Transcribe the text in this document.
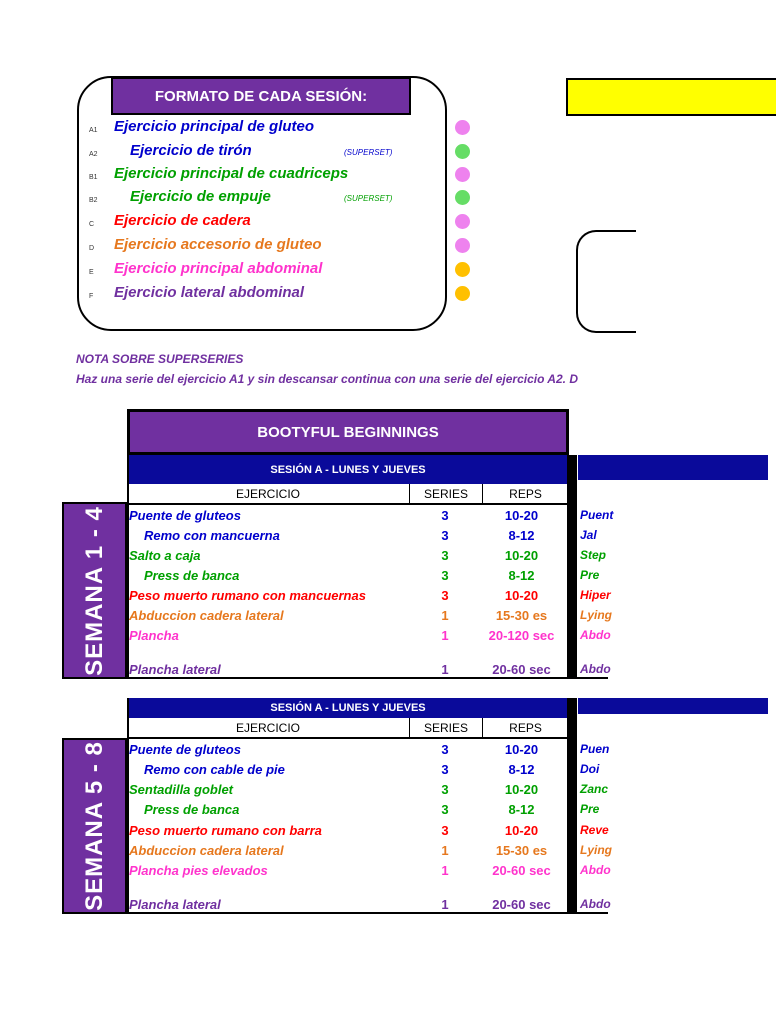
FORMATO DE CADA SESIÓN:
A1	Ejercicio principal de gluteo
A2	Ejercicio de tirón	(SUPERSET)
B1	Ejercicio principal de cuadriceps
B2	Ejercicio de empuje	(SUPERSET)
C	Ejercicio de cadera
D	Ejercicio accesorio de gluteo
E	Ejercicio principal abdominal
F	Ejercicio lateral abdominal
NOTA SOBRE SUPERSERIES
Haz una serie del ejercicio A1 y sin descansar continua con una serie del ejercicio A2. D
BOOTYFUL BEGINNINGS
SESIÓN A - LUNES Y JUEVES
EJERCICIO	SERIES	REPS
Puente de gluteos	3	10-20	Puent
Remo con mancuerna	3	8-12	Jal
Salto a caja	3	10-20	Step
Press de banca	3	8-12	Pre
Peso muerto rumano con mancuernas	3	10-20	Hiper
Abduccion cadera lateral	1	15-30 es	Lying
Plancha	1	20-120 sec	Abdo
Plancha lateral	1	20-60 sec	Abdo
SEMANA 1 - 4
SESIÓN A - LUNES Y JUEVES
EJERCICIO	SERIES	REPS
Puente de gluteos	3	10-20	Puen
Remo con cable de pie	3	8-12	Doi
Sentadilla goblet	3	10-20	Zanc
Press de banca	3	8-12	Pre
Peso muerto rumano con barra	3	10-20	Reve
Abduccion cadera lateral	1	15-30 es	Lying
Plancha pies elevados	1	20-60 sec	Abdo
Plancha lateral	1	20-60 sec	Abdo
SEMANA 5 - 8
